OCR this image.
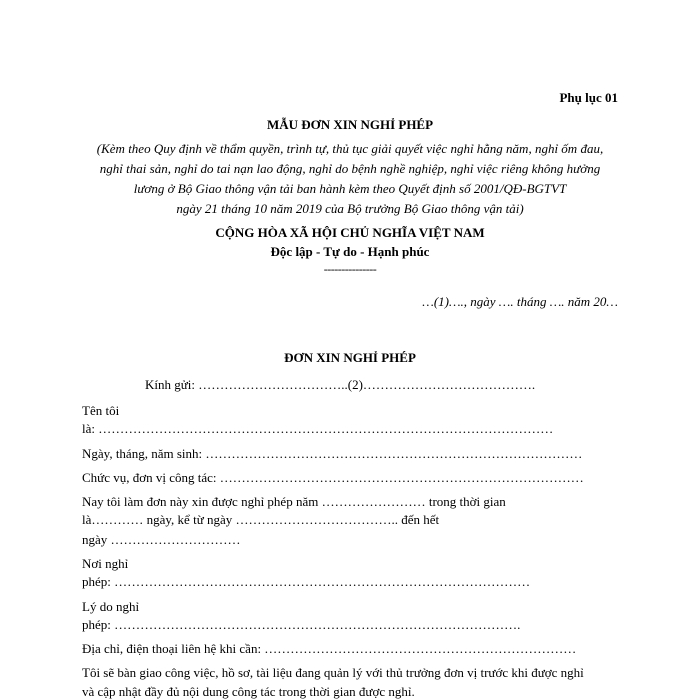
Phụ lục 01
MẪU ĐƠN XIN NGHỈ PHÉP
(Kèm theo Quy định về thẩm quyền, trình tự, thủ tục giải quyết việc nghỉ hằng năm, nghỉ ốm đau,
nghỉ thai sản, nghỉ do tai nạn lao động, nghỉ do bệnh nghề nghiệp, nghỉ việc riêng không hưởng
lương ở Bộ Giao thông vận tải ban hành kèm theo Quyết định số 2001/QĐ-BGTVT
ngày 21 tháng 10 năm 2019 của Bộ trưởng Bộ Giao thông vận tải)
CỘNG HÒA XÃ HỘI CHỦ NGHĨA VIỆT NAM
Độc lập - Tự do - Hạnh phúc
---------------
…(1)…., ngày …. tháng …. năm 20…
ĐƠN XIN NGHỈ PHÉP
Kính gửi: ……………………………..(2)………………………………….
Tên tôi
là: ……………………………………………………………………………………………
Ngày, tháng, năm sinh: ……………………………………………………………………………
Chức vụ, đơn vị công tác: …………………………………………………………………………
Nay tôi làm đơn này xin được nghỉ phép năm …………………… trong thời gian
là………… ngày, kể từ ngày ……………………………….. đến hết
ngày …………………………
Nơi nghỉ
phép: ……………………………………………………………………………………
Lý do nghỉ
phép: ………………………………………………………………………………….
Địa chỉ, điện thoại liên hệ khi cần: ………………………………………………………………
Tôi sẽ bàn giao công việc, hồ sơ, tài liệu đang quản lý với thủ trưởng đơn vị trước khi được nghỉ
và cập nhật đầy đủ nội dung công tác trong thời gian được nghỉ.
